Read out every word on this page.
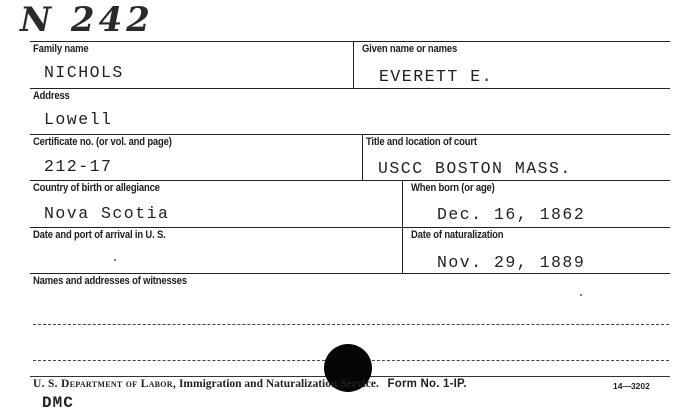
N 242
Family name
NICHOLS
Given name or names
EVERETT E.
Address
Lowell
Certificate no. (or vol. and page)
212-17
Title and location of court
USCC BOSTON MASS.
Country of birth or allegiance
Nova Scotia
When born (or age)
Dec. 16, 1862
Date and port of arrival in U. S.	Date of naturalization
Nov. 29, 1889
Names and addresses of witnesses
U. S. Department of Labor, Immigration and Naturalization Service. Form No. 1-IP.	14—3202
DMC
